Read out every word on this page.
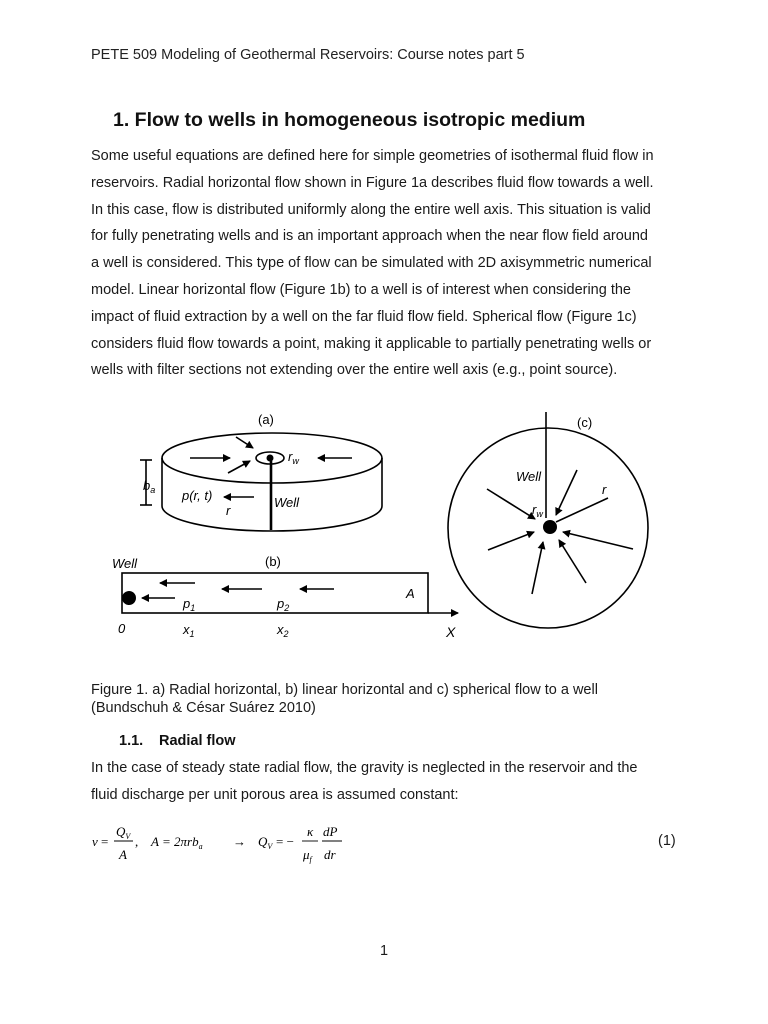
PETE 509 Modeling of Geothermal Reservoirs: Course notes part 5
1. Flow to wells in homogeneous isotropic medium
Some useful equations are defined here for simple geometries of isothermal fluid flow in
reservoirs. Radial horizontal flow shown in Figure 1a describes fluid flow towards a well.
In this case, flow is distributed uniformly along the entire well axis. This situation is valid
for fully penetrating wells and is an important approach when the near flow field around
a well is considered. This type of flow can be simulated with 2D axisymmetric numerical
model. Linear horizontal flow (Figure 1b) to a well is of interest when considering the
impact of fluid extraction by a well on the far fluid flow field. Spherical flow (Figure 1c)
considers fluid flow towards a point, making it applicable to partially penetrating wells or
wells with filter sections not extending over the entire well axis (e.g., point source).
(a)
$r_w$
$b_a$ p(r, t)
r
Well
Well	(b)
$p_1$	$p_2$
A
0	$x_1$	$x_2$	X
(c)
Well
$r_w$
r
Figure 1. a) Radial horizontal, b) linear horizontal and c) spherical flow to a well
(Bundschuh & César Suárez 2010)
1.1. Radial flow
In the case of steady state radial flow, the gravity is neglected in the reservoir and the
fluid discharge per unit porous area is assumed constant:
v =
$Q_V$
A
, $A = 2\pi rb_a \to Q_V$ = −
κ
$\mu_f$
dP
dr
(1)
1
